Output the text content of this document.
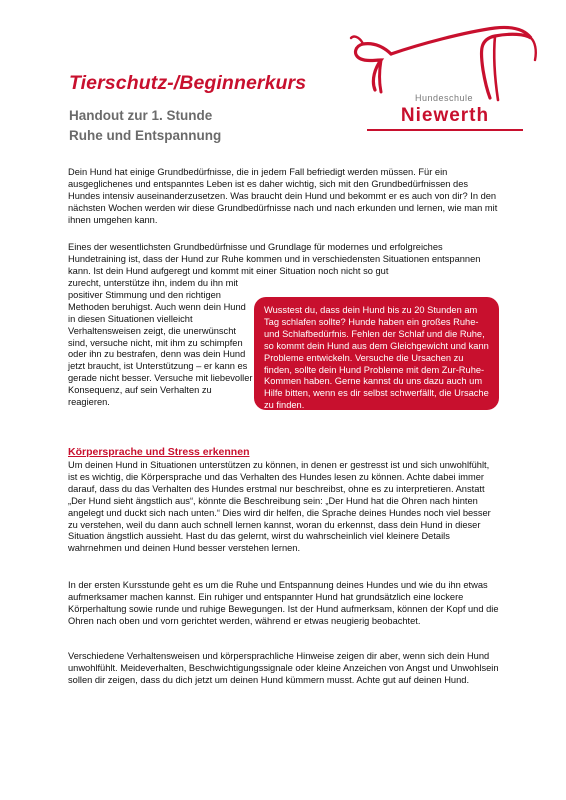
Tierschutz-/Beginnerkurs
Handout zur 1. Stunde
Ruhe und Entspannung
Hundeschule
Niewerth

Dein Hund hat einige Grundbedürfnisse, die in jedem Fall befriedigt werden müssen. Für ein ausgeglichenes und entspanntes Leben ist es daher wichtig, sich mit den Grundbedürfnissen des Hundes intensiv auseinanderzusetzen. Was braucht dein Hund und bekommt er es auch von dir? In den nächsten Wochen werden wir diese Grundbedürfnisse nach und nach erkunden und lernen, wie man mit ihnen umgehen kann.

Eines der wesentlichsten Grundbedürfnisse und Grundlage für modernes und erfolgreiches Hundetraining ist, dass der Hund zur Ruhe kommen und in verschiedensten Situationen entspannen kann. Ist dein Hund aufgeregt und kommt mit einer Situation noch nicht so gut

zurecht, unterstütze ihn, indem du ihn mit positiver Stimmung und den richtigen Methoden beruhigst. Auch wenn dein Hund in diesen Situationen vielleicht Verhaltensweisen zeigt, die unerwünscht sind, versuche nicht, mit ihm zu schimpfen oder ihn zu bestrafen, denn was dein Hund jetzt braucht, ist Unterstützung – er kann es gerade nicht besser. Versuche mit liebevoller Konsequenz, auf sein Verhalten zu reagieren.

Wusstest du, dass dein Hund bis zu 20 Stunden am Tag schlafen sollte? Hunde haben ein großes Ruhe- und Schlafbedürfnis. Fehlen der Schlaf und die Ruhe, so kommt dein Hund aus dem Gleichgewicht und kann Probleme entwickeln. Versuche die Ursachen zu finden, sollte dein Hund Probleme mit dem Zur-Ruhe-Kommen haben. Gerne kannst du uns dazu auch um Hilfe bitten, wenn es dir selbst schwerfällt, die Ursache zu finden.
Körpersprache und Stress erkennen

Um deinen Hund in Situationen unterstützen zu können, in denen er gestresst ist und sich unwohlfühlt, ist es wichtig, die Körpersprache und das Verhalten des Hundes lesen zu können. Achte dabei immer darauf, dass du das Verhalten des Hundes erstmal nur beschreibst, ohne es zu interpretieren. Anstatt „Der Hund sieht ängstlich aus“, könnte die Beschreibung sein: „Der Hund hat die Ohren nach hinten angelegt und duckt sich nach unten.“ Dies wird dir helfen, die Sprache deines Hundes noch viel besser zu verstehen, weil du dann auch schnell lernen kannst, woran du erkennst, dass dein Hund in dieser Situation ängstlich aussieht. Hast du das gelernt, wirst du wahrscheinlich viel kleinere Details wahrnehmen und deinen Hund besser verstehen lernen.

In der ersten Kursstunde geht es um die Ruhe und Entspannung deines Hundes und wie du ihn etwas aufmerksamer machen kannst. Ein ruhiger und entspannter Hund hat grundsätzlich eine lockere Körperhaltung sowie runde und ruhige Bewegungen. Ist der Hund aufmerksam, können der Kopf und die Ohren nach oben und vorn gerichtet werden, während er etwas neugierig beobachtet.

Verschiedene Verhaltensweisen und körpersprachliche Hinweise zeigen dir aber, wenn sich dein Hund unwohlfühlt. Meideverhalten, Beschwichtigungssignale oder kleine Anzeichen von Angst und Unwohlsein sollen dir zeigen, dass du dich jetzt um deinen Hund kümmern musst. Achte gut auf deinen Hund.
